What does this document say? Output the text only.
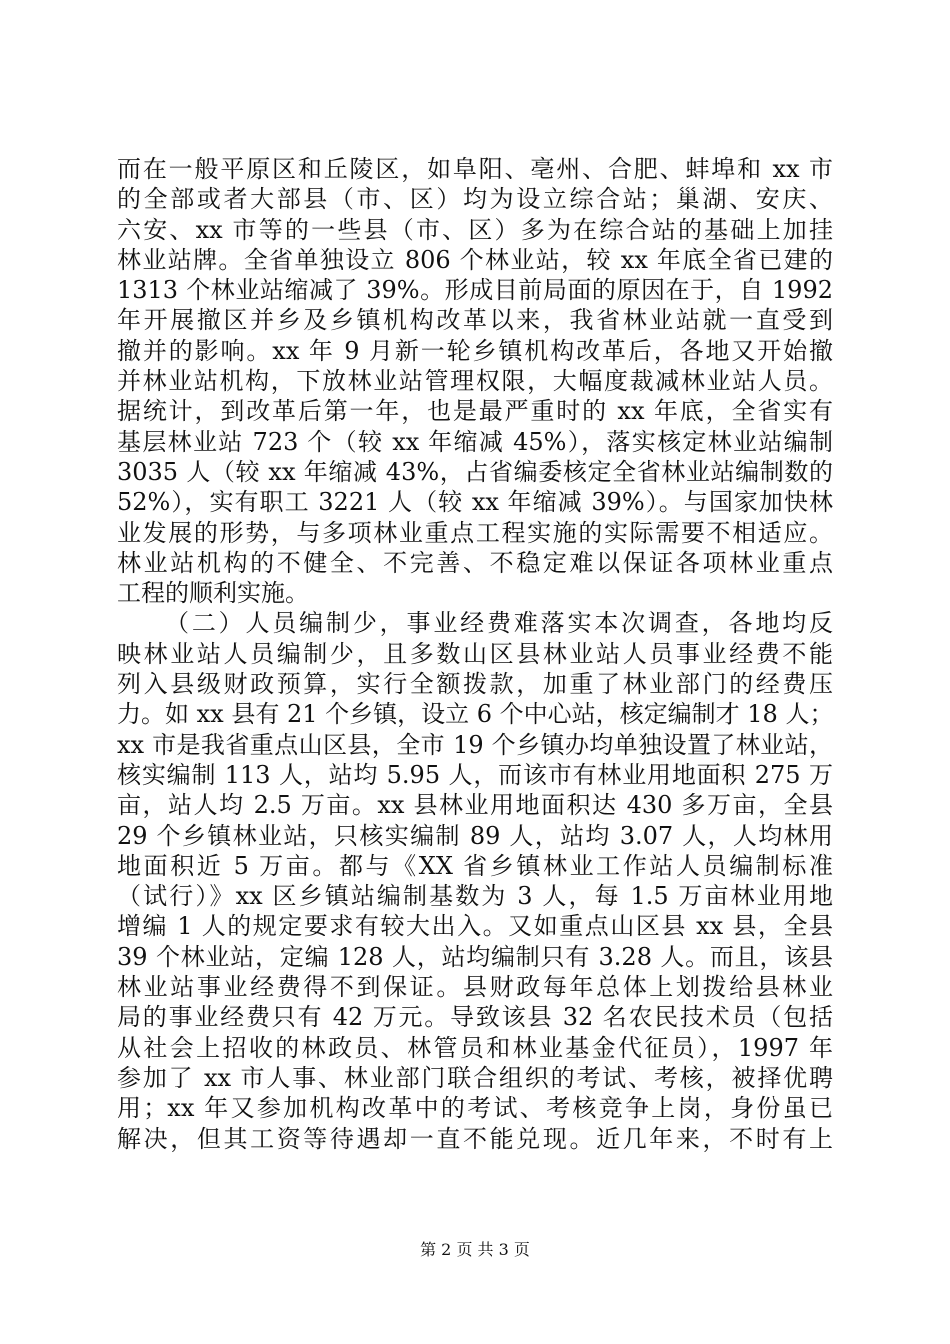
而在一般平原区和丘陵区，如阜阳、亳州、合肥、蚌埠和 xx 市
的全部或者大部县（市、区）均为设立综合站；巢湖、安庆、
六安、xx 市等的一些县（市、区）多为在综合站的基础上加挂
林业站牌。全省单独设立 806 个林业站，较 xx 年底全省已建的
1313 个林业站缩减了 39%。形成目前局面的原因在于，自 1992
年开展撤区并乡及乡镇机构改革以来，我省林业站就一直受到
撤并的影响。xx 年 9 月新一轮乡镇机构改革后，各地又开始撤
并林业站机构，下放林业站管理权限，大幅度裁减林业站人员。
据统计，到改革后第一年，也是最严重时的 xx 年底，全省实有
基层林业站 723 个（较 xx 年缩减 45%），落实核定林业站编制
3035 人（较 xx 年缩减 43%，占省编委核定全省林业站编制数的
52%），实有职工 3221 人（较 xx 年缩减 39%）。与国家加快林
业发展的形势，与多项林业重点工程实施的实际需要不相适应。
林业站机构的不健全、不完善、不稳定难以保证各项林业重点
工程的顺利实施。
（二）人员编制少，事业经费难落实本次调查，各地均反
映林业站人员编制少，且多数山区县林业站人员事业经费不能
列入县级财政预算，实行全额拨款，加重了林业部门的经费压
力。如 xx 县有 21 个乡镇，设立 6 个中心站，核定编制才 18 人；
xx 市是我省重点山区县，全市 19 个乡镇办均单独设置了林业站，
核实编制 113 人，站均 5.95 人，而该市有林业用地面积 275 万
亩，站人均 2.5 万亩。xx 县林业用地面积达 430 多万亩，全县
29 个乡镇林业站，只核实编制 89 人，站均 3.07 人，人均林用
地面积近 5 万亩。都与《XX 省乡镇林业工作站人员编制标准
（试行）》xx 区乡镇站编制基数为 3 人，每 1.5 万亩林业用地
增编 1 人的规定要求有较大出入。又如重点山区县 xx 县，全县
39 个林业站，定编 128 人，站均编制只有 3.28 人。而且，该县
林业站事业经费得不到保证。县财政每年总体上划拨给县林业
局的事业经费只有 42 万元。导致该县 32 名农民技术员（包括
从社会上招收的林政员、林管员和林业基金代征员），1997 年
参加了 xx 市人事、林业部门联合组织的考试、考核，被择优聘
用；xx 年又参加机构改革中的考试、考核竞争上岗，身份虽已
解决，但其工资等待遇却一直不能兑现。近几年来，不时有上
第 2 页 共 3 页
